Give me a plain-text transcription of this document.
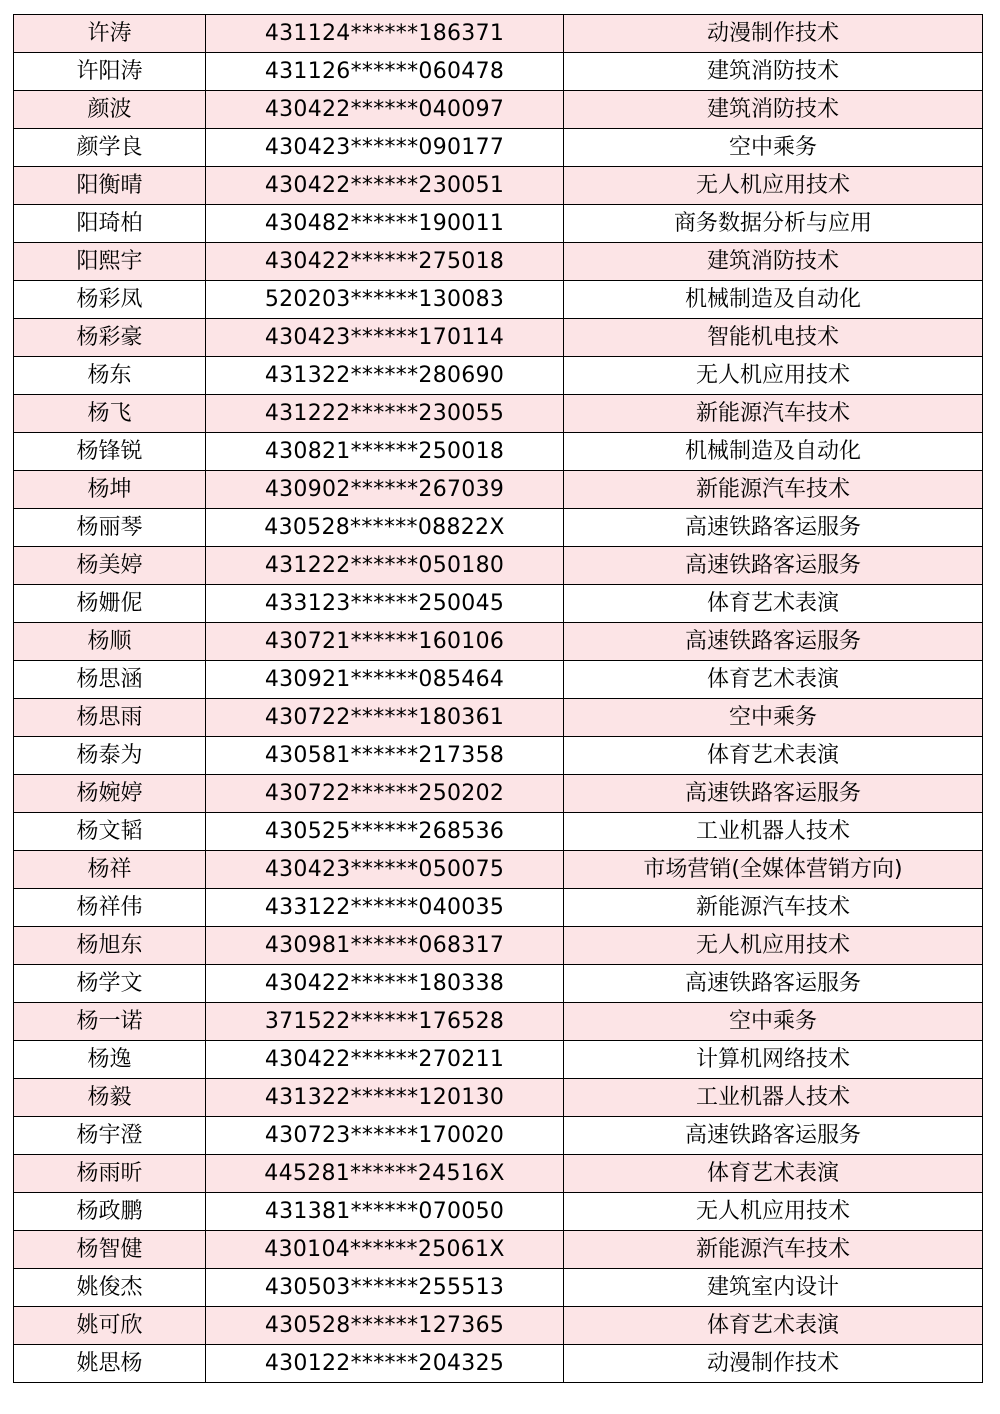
许涛	431124******186371	动漫制作技术
许阳涛	431126******060478	建筑消防技术
颜波	430422******040097	建筑消防技术
颜学良	430423******090177	空中乘务
阳衡晴	430422******230051	无人机应用技术
阳琦柏	430482******190011	商务数据分析与应用
阳熙宇	430422******275018	建筑消防技术
杨彩凤	520203******130083	机械制造及自动化
杨彩豪	430423******170114	智能机电技术
杨东	431322******280690	无人机应用技术
杨飞	431222******230055	新能源汽车技术
杨锋锐	430821******250018	机械制造及自动化
杨坤	430902******267039	新能源汽车技术
杨丽琴	430528******08822X	高速铁路客运服务
杨美婷	431222******050180	高速铁路客运服务
杨姗伲	433123******250045	体育艺术表演
杨顺	430721******160106	高速铁路客运服务
杨思涵	430921******085464	体育艺术表演
杨思雨	430722******180361	空中乘务
杨泰为	430581******217358	体育艺术表演
杨婉婷	430722******250202	高速铁路客运服务
杨文韬	430525******268536	工业机器人技术
杨祥	430423******050075	市场营销(全媒体营销方向)
杨祥伟	433122******040035	新能源汽车技术
杨旭东	430981******068317	无人机应用技术
杨学文	430422******180338	高速铁路客运服务
杨一诺	371522******176528	空中乘务
杨逸	430422******270211	计算机网络技术
杨毅	431322******120130	工业机器人技术
杨宇澄	430723******170020	高速铁路客运服务
杨雨昕	445281******24516X	体育艺术表演
杨政鹏	431381******070050	无人机应用技术
杨智健	430104******25061X	新能源汽车技术
姚俊杰	430503******255513	建筑室内设计
姚可欣	430528******127365	体育艺术表演
姚思杨	430122******204325	动漫制作技术
